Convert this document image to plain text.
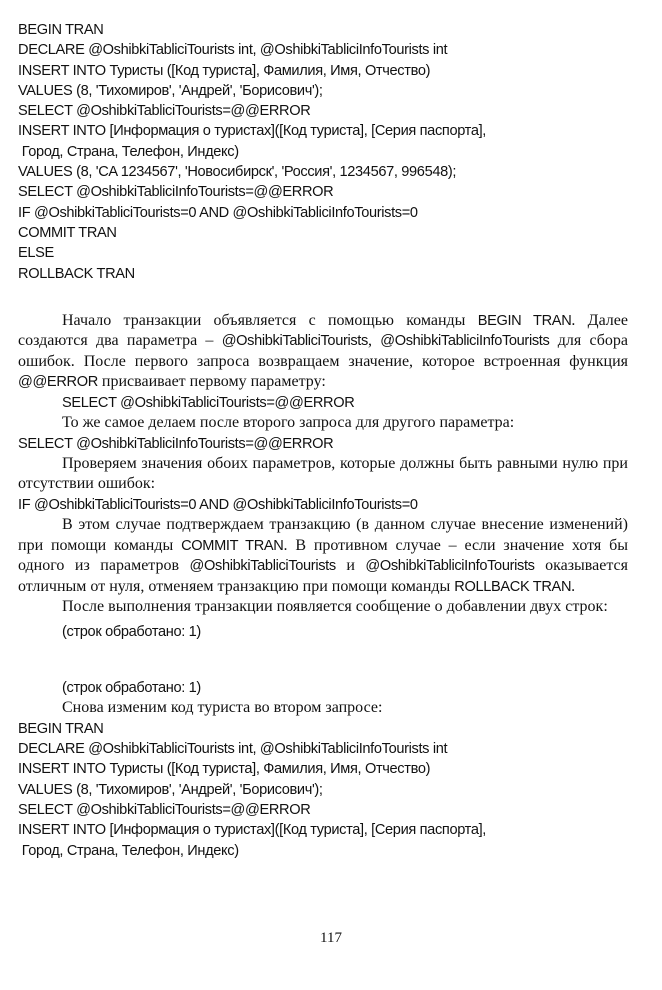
BEGIN TRAN
DECLARE @OshibkiTabliciTourists int, @OshibkiTabliciInfoTourists int
INSERT INTO Туристы ([Код туриста], Фамилия, Имя, Отчество)
VALUES (8, 'Тихомиров', 'Андрей', 'Борисович');
SELECT @OshibkiTabliciTourists=@@ERROR
INSERT INTO [Информация о туристах]([Код туриста], [Серия паспорта],
Город, Страна, Телефон, Индекс)
VALUES (8, 'CA 1234567', 'Новосибирск', 'Россия', 1234567, 996548);
SELECT @OshibkiTabliciInfoTourists=@@ERROR
IF @OshibkiTabliciTourists=0 AND @OshibkiTabliciInfoTourists=0
COMMIT TRAN
ELSE
ROLLBACK TRAN

Начало транзакции объявляется с помощью команды BEGIN TRAN. Далее создаются два параметра – @OshibkiTabliciTourists, @OshibkiTabliciInfoTourists для сбора ошибок. После первого запроса возвращаем значение, которое встроенная функция @@ERROR присваивает первому параметру:

SELECT @OshibkiTabliciTourists=@@ERROR

То же самое делаем после второго запроса для другого параметра:

SELECT @OshibkiTabliciInfoTourists=@@ERROR

Проверяем значения обоих параметров, которые должны быть равными нулю при отсутствии ошибок:

IF @OshibkiTabliciTourists=0 AND @OshibkiTabliciInfoTourists=0

В этом случае подтверждаем транзакцию (в данном случае внесение изменений) при помощи команды COMMIT TRAN. В противном случае – если значение хотя бы одного из параметров @OshibkiTabliciTourists и @OshibkiTabliciInfoTourists оказывается отличным от нуля, отменяем транзакцию при помощи команды ROLLBACK TRAN.

После выполнения транзакции появляется сообщение о добавлении двух строк:

(строк обработано: 1)
(строк обработано: 1)

Снова изменим код туриста во втором запросе:

BEGIN TRAN
DECLARE @OshibkiTabliciTourists int, @OshibkiTabliciInfoTourists int
INSERT INTO Туристы ([Код туриста], Фамилия, Имя, Отчество)
VALUES (8, 'Тихомиров', 'Андрей', 'Борисович');
SELECT @OshibkiTabliciTourists=@@ERROR
INSERT INTO [Информация о туристах]([Код туриста], [Серия паспорта],
Город, Страна, Телефон, Индекс)
117
